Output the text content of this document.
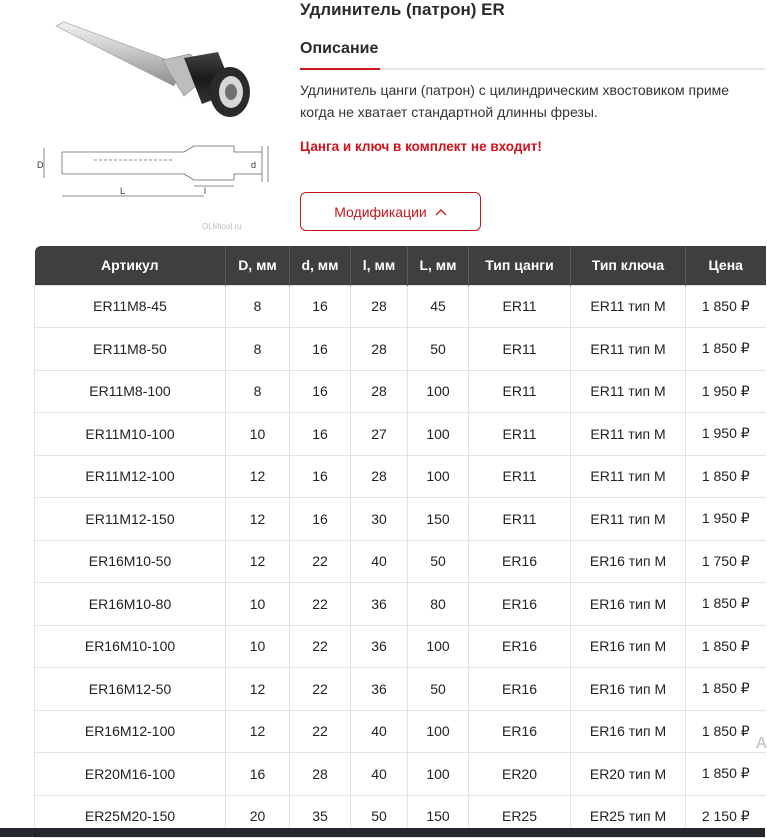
D	d
L	l
OLMtool.ru
Удлинитель (патрон) ER
Описание
Удлинитель цанги (патрон) с цилиндрическим хвостовиком приме
когда не хватает стандартной длинны фрезы.
Цанга и ключ в комплект не входит!
Модификации
Артикул	D, мм	d, мм	l, мм	L, мм	Тип цанги	Тип ключа	Цена
ER11M8-45	8	16	28	45	ER11	ER11 тип M	1 850 ₽
ER11M8-50	8	16	28	50	ER11	ER11 тип M	1 850 ₽
ER11M8-100	8	16	28	100	ER11	ER11 тип M	1 950 ₽
ER11M10-100	10	16	27	100	ER11	ER11 тип M	1 950 ₽
ER11M12-100	12	16	28	100	ER11	ER11 тип M	1 850 ₽
ER11M12-150	12	16	30	150	ER11	ER11 тип M	1 950 ₽
ER16M10-50	12	22	40	50	ER16	ER16 тип M	1 750 ₽
ER16M10-80	10	22	36	80	ER16	ER16 тип M	1 850 ₽
ER16M10-100	10	22	36	100	ER16	ER16 тип M	1 850 ₽
ER16M12-50	12	22	36	50	ER16	ER16 тип M	1 850 ₽
ER16M12-100	12	22	40	100	ER16	ER16 тип M	1 850 ₽
ER20M16-100	16	28	40	100	ER20	ER20 тип M	1 850 ₽
ER25M20-150	20	35	50	150	ER25	ER25 тип M	2 150 ₽
A
